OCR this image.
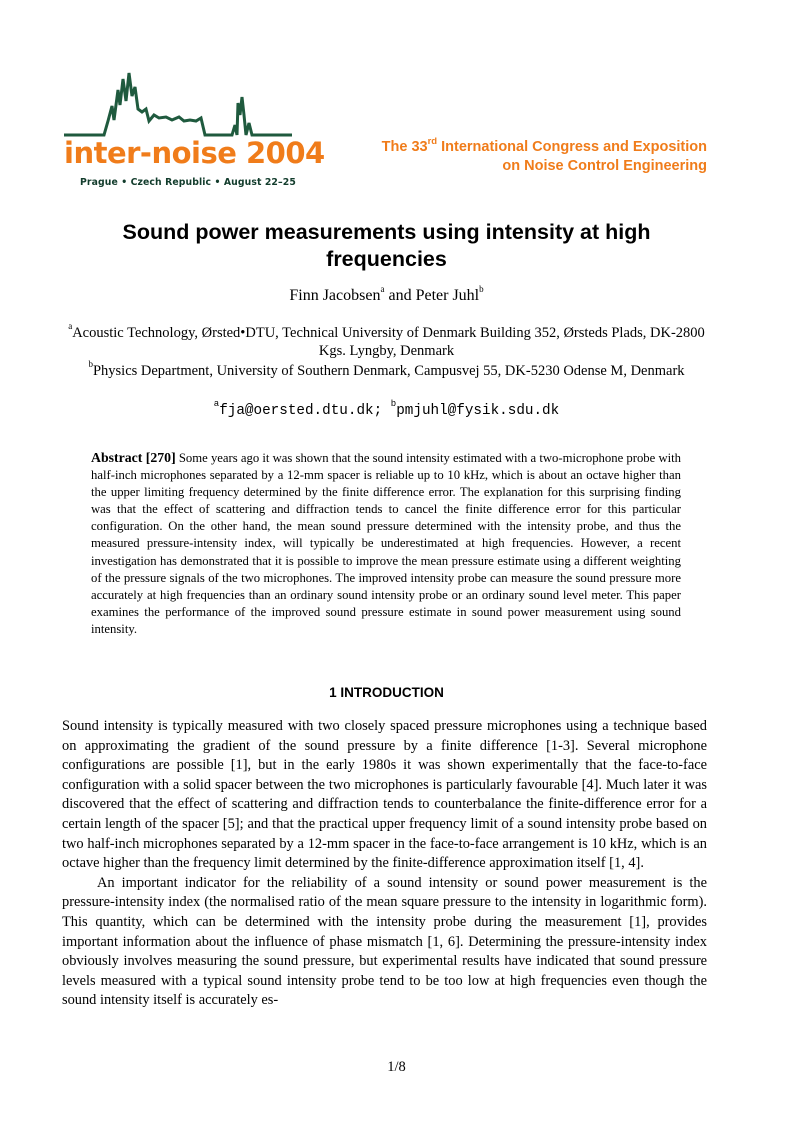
inter-noise 2004
Prague • Czech Republic • August 22–25
The 33rd International Congress and Exposition
on Noise Control Engineering
Sound power measurements using intensity at high frequencies
Finn Jacobsen$^a$ and Peter Juhl$^b$
$^a$Acoustic Technology, Ørsted•DTU, Technical University of Denmark Building 352, Ørsteds Plads, DK-2800 Kgs. Lyngby, Denmark
$^b$Physics Department, University of Southern Denmark, Campusvej 55, DK-5230 Odense M, Denmark
$^a$fja@oersted.dtu.dk; $^b$pmjuhl@fysik.sdu.dk
Abstract [270] Some years ago it was shown that the sound intensity estimated with a two-microphone probe with half-inch microphones separated by a 12-mm spacer is reliable up to 10 kHz, which is about an octave higher than the upper limiting frequency determined by the finite difference error. The explanation for this surprising finding was that the effect of scattering and diffraction tends to cancel the finite difference error for this particular configuration. On the other hand, the mean sound pressure determined with the intensity probe, and thus the measured pressure-intensity index, will typically be underestimated at high frequencies. However, a recent investigation has demonstrated that it is possible to improve the mean pressure estimate using a different weighting of the pressure signals of the two microphones. The improved intensity probe can measure the sound pressure more accurately at high frequencies than an ordinary sound intensity probe or an ordinary sound level meter. This paper examines the performance of the improved sound pressure estimate in sound power measurement using sound intensity.
1 INTRODUCTION

Sound intensity is typically measured with two closely spaced pressure microphones using a technique based on approximating the gradient of the sound pressure by a finite difference [1-3]. Several microphone configurations are possible [1], but in the early 1980s it was shown experimentally that the face-to-face configuration with a solid spacer between the two microphones is particularly favourable [4]. Much later it was discovered that the effect of scattering and diffraction tends to counterbalance the finite-difference error for a certain length of the spacer [5]; and that the practical upper frequency limit of a sound intensity probe based on two half-inch microphones separated by a 12-mm spacer in the face-to-face arrangement is 10 kHz, which is an octave higher than the frequency limit determined by the finite-difference approximation itself [1, 4].

An important indicator for the reliability of a sound intensity or sound power measurement is the pressure-intensity index (the normalised ratio of the mean square pressure to the intensity in logarithmic form). This quantity, which can be determined with the intensity probe during the measurement [1], provides important information about the influence of phase mismatch [1, 6]. Determining the pressure-intensity index obviously involves measuring the sound pressure, but experimental results have indicated that sound pressure levels measured with a typical sound intensity probe tend to be too low at high frequencies even though the sound intensity itself is accurately es-

1/8
